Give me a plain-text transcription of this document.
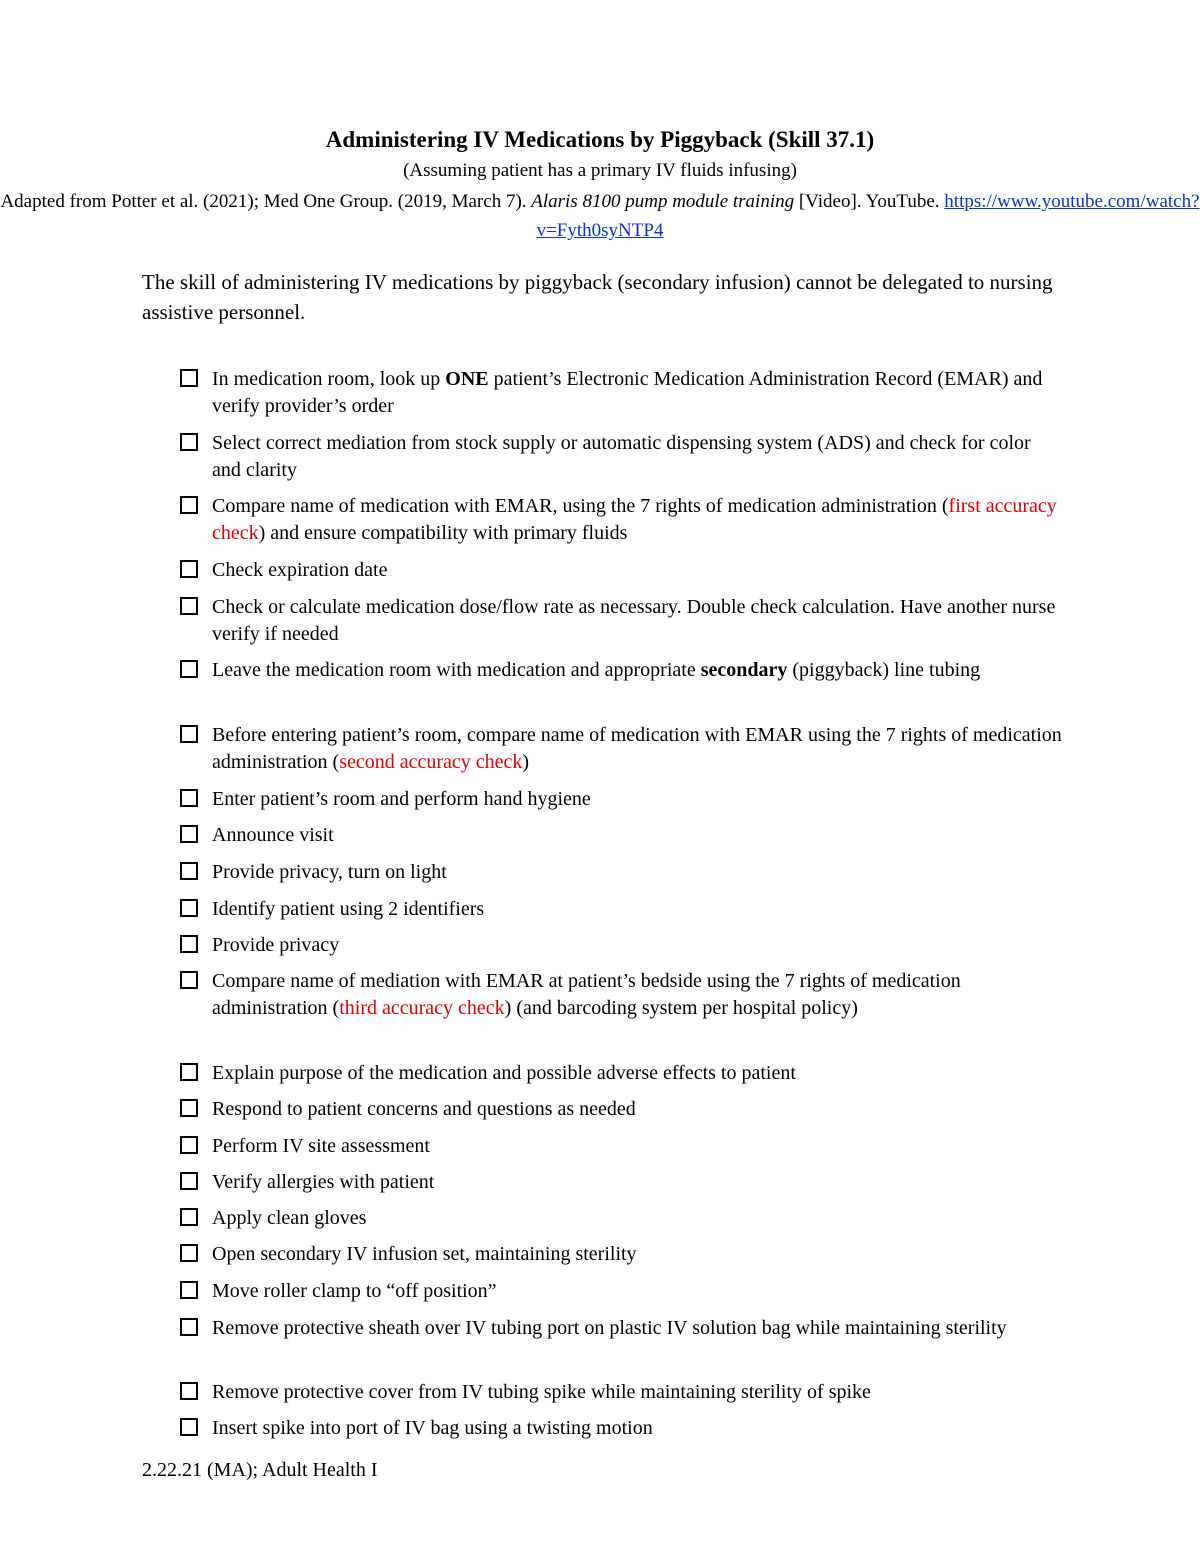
Administering IV Medications by Piggyback (Skill 37.1)
(Assuming patient has a primary IV fluids infusing)
Adapted from Potter et al. (2021); Med One Group. (2019, March 7). Alaris 8100 pump module training [Video]. YouTube. https://www.youtube.com/watch?v=Fyth0syNTP4
The skill of administering IV medications by piggyback (secondary infusion) cannot be delegated to nursing assistive personnel.
In medication room, look up ONE patient’s Electronic Medication Administration Record (EMAR) and verify provider’s order
Select correct mediation from stock supply or automatic dispensing system (ADS) and check for color and clarity
Compare name of medication with EMAR, using the 7 rights of medication administration (first accuracy check) and ensure compatibility with primary fluids
Check expiration date
Check or calculate medication dose/flow rate as necessary. Double check calculation. Have another nurse verify if needed
Leave the medication room with medication and appropriate secondary (piggyback) line tubing
Before entering patient’s room, compare name of medication with EMAR using the 7 rights of medication administration (second accuracy check)
Enter patient’s room and perform hand hygiene
Announce visit
Provide privacy, turn on light
Identify patient using 2 identifiers
Provide privacy
Compare name of mediation with EMAR at patient’s bedside using the 7 rights of medication administration (third accuracy check) (and barcoding system per hospital policy)
Explain purpose of the medication and possible adverse effects to patient
Respond to patient concerns and questions as needed
Perform IV site assessment
Verify allergies with patient
Apply clean gloves
Open secondary IV infusion set, maintaining sterility
Move roller clamp to “off position”
Remove protective sheath over IV tubing port on plastic IV solution bag while maintaining sterility
Remove protective cover from IV tubing spike while maintaining sterility of spike
Insert spike into port of IV bag using a twisting motion
2.22.21 (MA); Adult Health I
